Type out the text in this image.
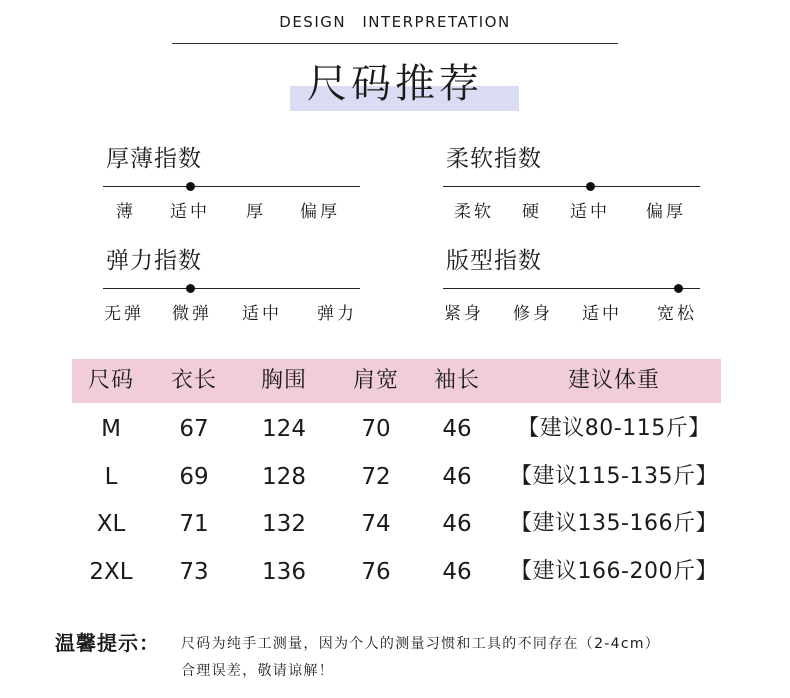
DESIGN INTERPRETATION
尺码推荐
厚薄指数
薄 适中 厚 偏厚
柔软指数
柔软 硬 适中 偏厚
弹力指数
无弹 微弹 适中 弹力
版型指数
紧身 修身 适中 宽松
尺码 衣长 胸围 肩宽 袖长	建议体重
M	67 124 70 46 【建议80-115斤】
L	69 128 72 46 【建议115-135斤】
XL 71 132 74 46 【建议135-166斤】
2XL 73 136 76 46 【建议166-200斤】
温馨提示： 尺码为纯手工测量，因为个人的测量习惯和工具的不同存在（2-4cm）
合理误差，敬请谅解！
